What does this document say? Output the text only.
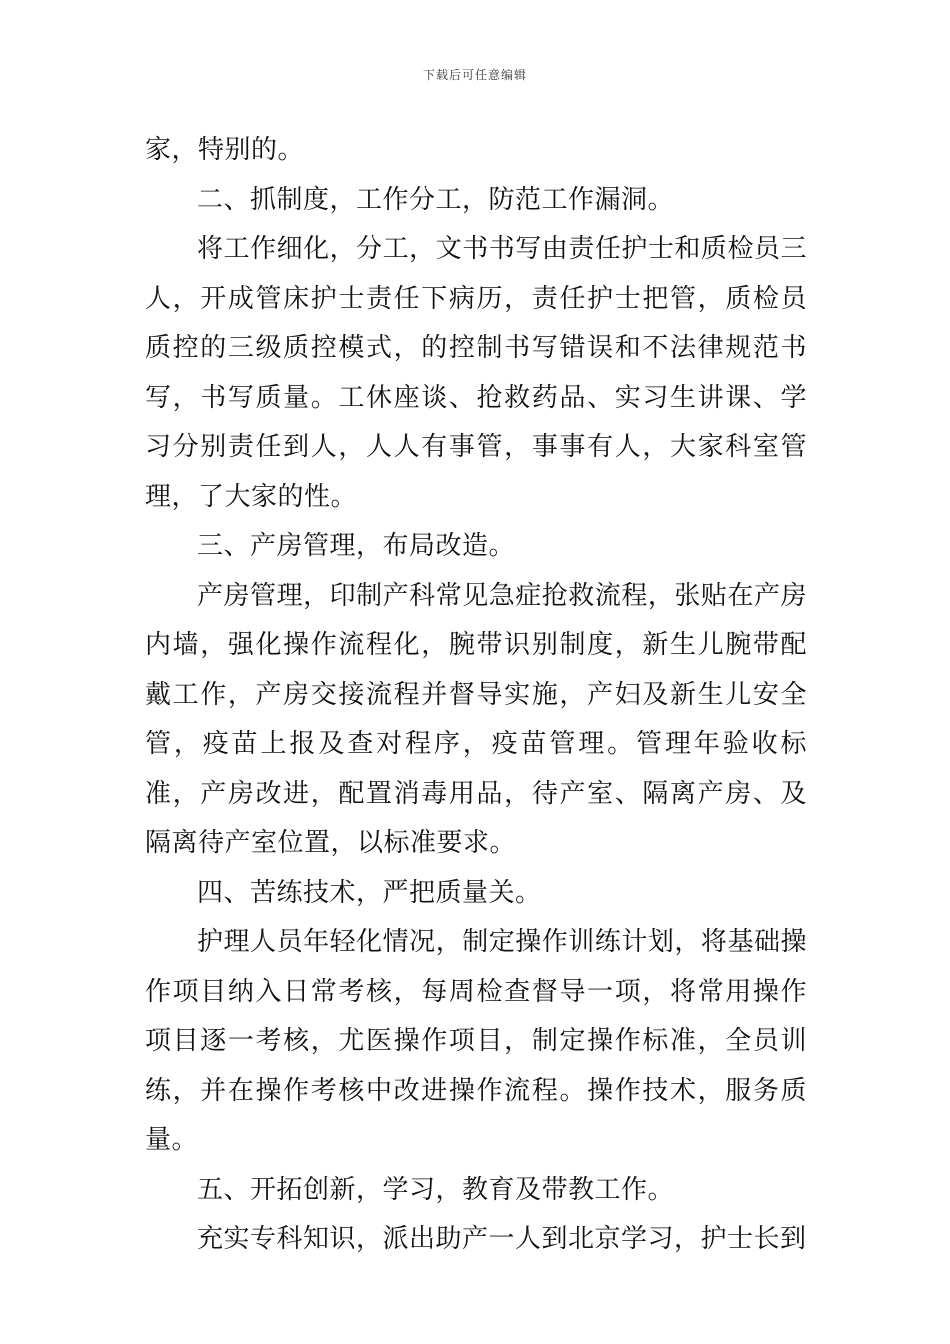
下载后可任意编辑

家，特别的。

二、抓制度，工作分工，防范工作漏洞。

将工作细化，分工，文书书写由责任护士和质检员三人，开成管床护士责任下病历，责任护士把管，质检员质控的三级质控模式，的控制书写错误和不法律规范书写，书写质量。工休座谈、抢救药品、实习生讲课、学习分别责任到人，人人有事管，事事有人，大家科室管理，了大家的性。

三、产房管理，布局改造。

产房管理，印制产科常见急症抢救流程，张贴在产房内墙，强化操作流程化，腕带识别制度，新生儿腕带配戴工作，产房交接流程并督导实施，产妇及新生儿安全管，疫苗上报及查对程序，疫苗管理。管理年验收标准，产房改进，配置消毒用品，待产室、隔离产房、及隔离待产室位置，以标准要求。

四、苦练技术，严把质量关。

护理人员年轻化情况，制定操作训练计划，将基础操作项目纳入日常考核，每周检查督导一项，将常用操作项目逐一考核，尤医操作项目，制定操作标准，全员训练，并在操作考核中改进操作流程。操作技术，服务质量。

五、开拓创新，学习，教育及带教工作。

充实专科知识，派出助产一人到北京学习，护士长到
